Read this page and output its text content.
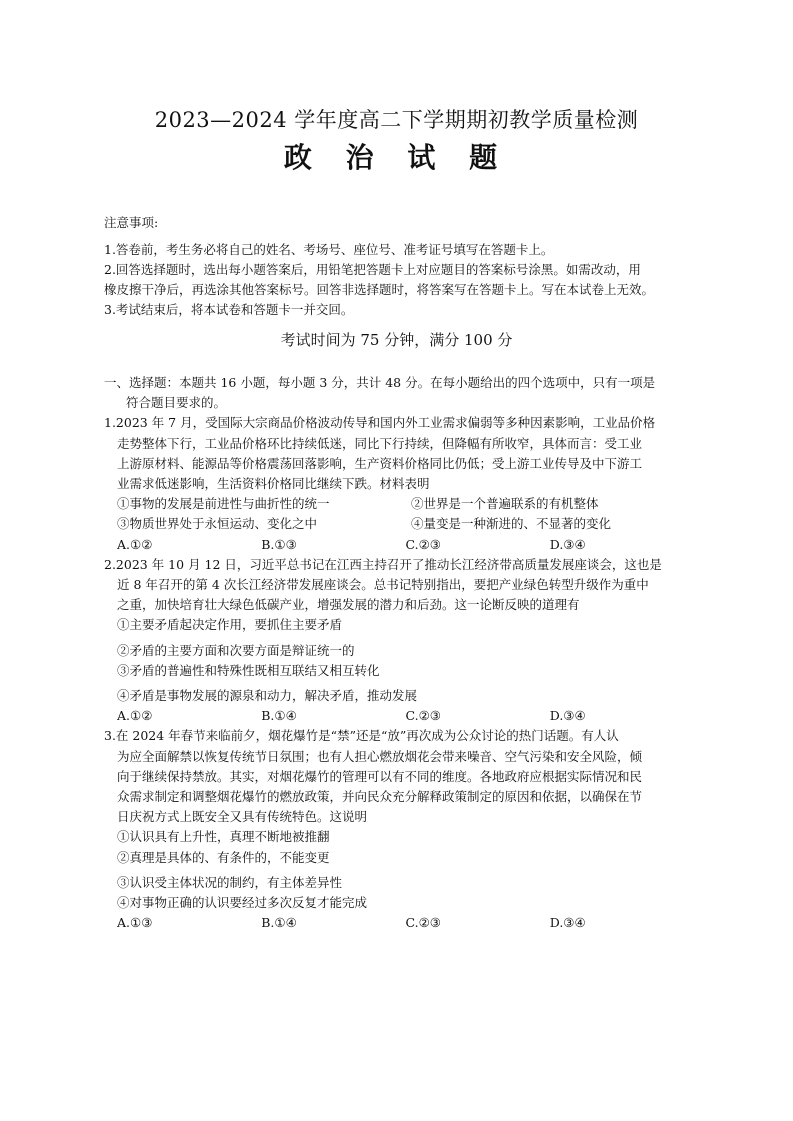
2023—2024 学年度高二下学期期初教学质量检测
政 治 试 题

注意事项:

1.答卷前，考生务必将自己的姓名、考场号、座位号、准考证号填写在答题卡上。

2.回答选择题时，选出每小题答案后，用铅笔把答题卡上对应题目的答案标号涂黑。如需改动，用

橡皮擦干净后，再选涂其他答案标号。回答非选择题时，将答案写在答题卡上。写在本试卷上无效。

3.考试结束后，将本试卷和答题卡一并交回。

考试时间为 75 分钟，满分 100 分

一、选择题：本题共 16 小题，每小题 3 分，共计 48 分。在每小题给出的四个选项中，只有一项是

符合题目要求的。

1.2023 年 7 月，受国际大宗商品价格波动传导和国内外工业需求偏弱等多种因素影响，工业品价格

走势整体下行，工业品价格环比持续低迷，同比下行持续，但降幅有所收窄，具体而言：受工业

上游原材料、能源品等价格震荡回落影响，生产资料价格同比仍低；受上游工业传导及中下游工

业需求低迷影响，生活资料价格同比继续下跌。材料表明

①事物的发展是前进性与曲折性的统一	②世界是一个普遍联系的有机整体
③物质世界处于永恒运动、变化之中	④量变是一种渐进的、不显著的变化
A.①②	B.①③	C.②③	D.③④

2.2023 年 10 月 12 日，习近平总书记在江西主持召开了推动长江经济带高质量发展座谈会，这也是

近 8 年召开的第 4 次长江经济带发展座谈会。总书记特别指出，要把产业绿色转型升级作为重中

之重，加快培育壮大绿色低碳产业，增强发展的潜力和后劲。这一论断反映的道理有

①主要矛盾起决定作用，要抓住主要矛盾

②矛盾的主要方面和次要方面是辩证统一的

③矛盾的普遍性和特殊性既相互联结又相互转化

④矛盾是事物发展的源泉和动力，解决矛盾，推动发展

A.①②	B.①④	C.②③	D.③④

3.在 2024 年春节来临前夕，烟花爆竹是“禁”还是“放”再次成为公众讨论的热门话题。有人认

为应全面解禁以恢复传统节日氛围；也有人担心燃放烟花会带来噪音、空气污染和安全风险，倾

向于继续保持禁放。其实，对烟花爆竹的管理可以有不同的维度。各地政府应根据实际情况和民

众需求制定和调整烟花爆竹的燃放政策，并向民众充分解释政策制定的原因和依据，以确保在节

日庆祝方式上既安全又具有传统特色。这说明

①认识具有上升性，真理不断地被推翻

②真理是具体的、有条件的，不能变更

③认识受主体状况的制约，有主体差异性

④对事物正确的认识要经过多次反复才能完成

A.①③	B.①④	C.②③	D.③④
